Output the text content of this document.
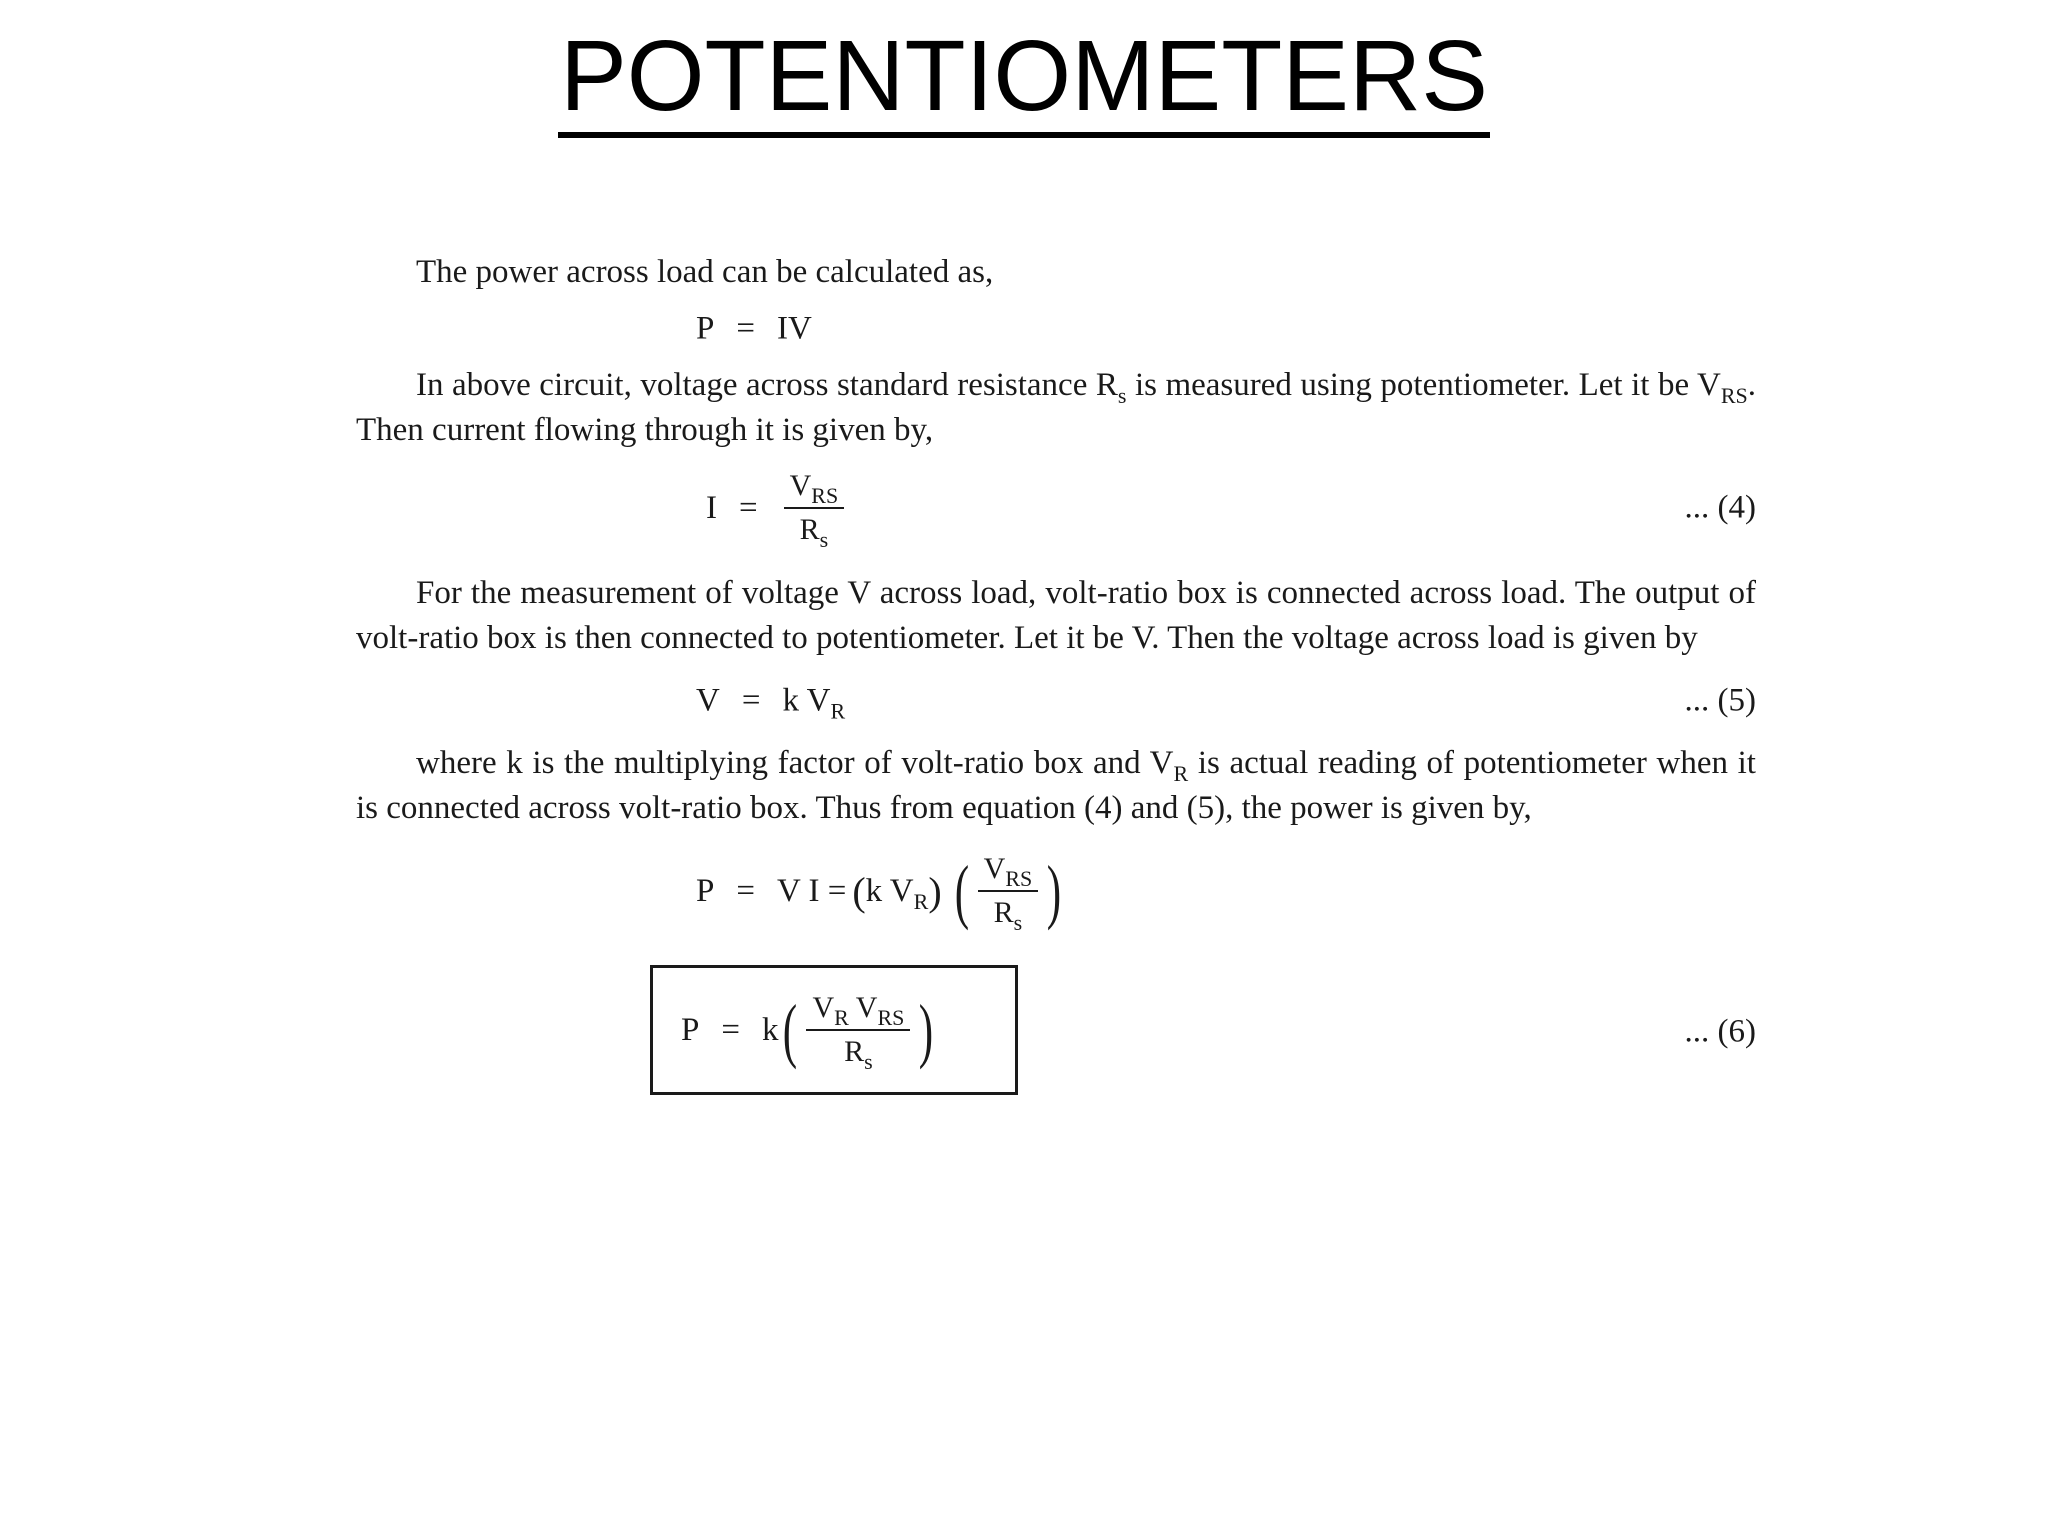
POTENTIOMETERS

The power across load can be calculated as,

P = IV

In above circuit, voltage across standard resistance $R_s$ is measured using potentiometer. Let it be $V_{RS}$. Then current flowing through it is given by,

$I = \frac{V_{RS}}{R_s}$	... (4)

For the measurement of voltage V across load, volt-ratio box is connected across load. The output of volt-ratio box is then connected to potentiometer. Let it be V. Then the voltage across load is given by

V = k $V_R$	... (5)

where k is the multiplying factor of volt-ratio box and $V_R$ is actual reading of potentiometer when it is connected across volt-ratio box. Thus from equation (4) and (5), the power is given by,

P = V I = ( k $V_R$ ) ( $\frac{V_{RS}}{R_s}$ )
P = k ( $\frac{V_R V_{RS}}{R_s}$ )	... (6)
